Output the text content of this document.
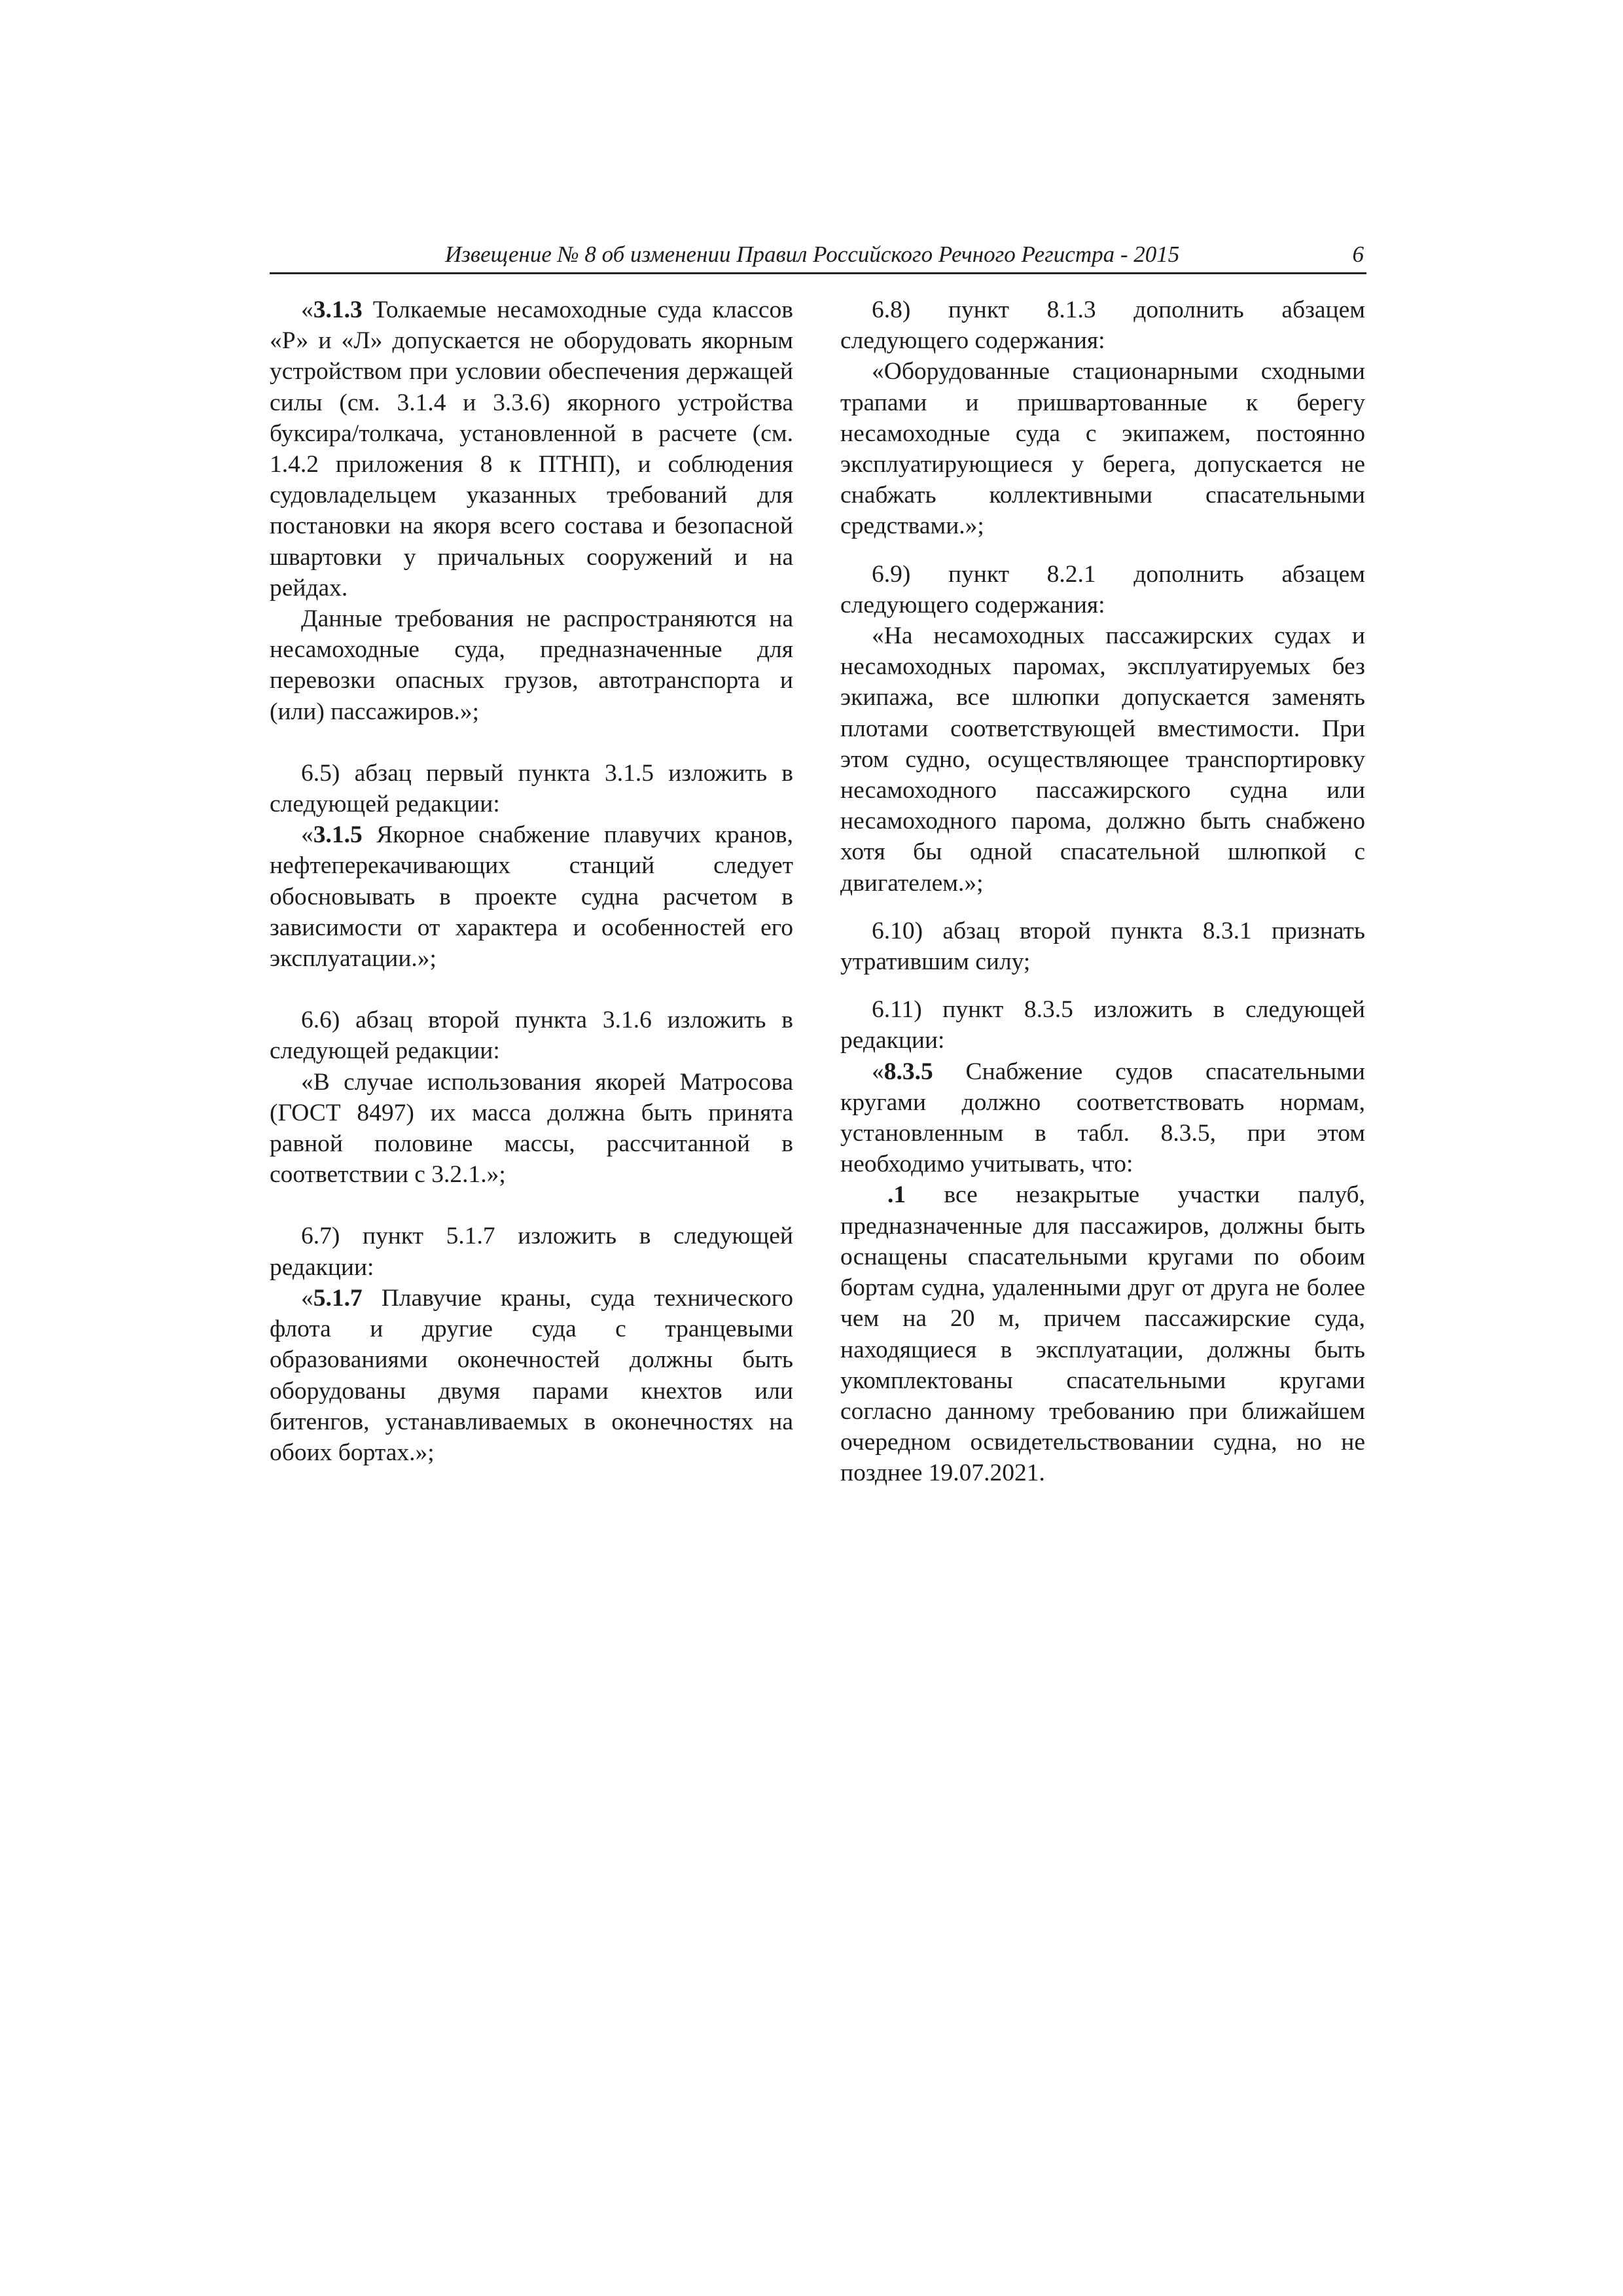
Извещение № 8 об изменении Правил Российского Речного Регистра - 2015	6

«3.1.3 Толкаемые несамоходные суда классов «Р» и «Л» допускается не оборудовать якорным устройством при условии обеспечения держащей силы (см. 3.1.4 и 3.3.6) якорного устройства буксира/толкача, установленной в расчете (см. 1.4.2 приложения 8 к ПТНП), и соблюдения судовладельцем указанных требований для постановки на якоря всего состава и безопасной швартовки у причальных сооружений и на рейдах.

Данные требования не распространяются на несамоходные суда, предназначенные для перевозки опасных грузов, автотранспорта и (или) пассажиров.»;

6.5) абзац первый пункта 3.1.5 изложить в следующей редакции:

«3.1.5 Якорное снабжение плавучих кранов, нефтеперекачивающих станций следует обосновывать в проекте судна расчетом в зависимости от характера и особенностей его эксплуатации.»;

6.6) абзац второй пункта 3.1.6 изложить в следующей редакции:

«В случае использования якорей Матросова (ГОСТ 8497) их масса должна быть принята равной половине массы, рассчитанной в соответствии с 3.2.1.»;

6.7) пункт 5.1.7 изложить в следующей редакции:

«5.1.7 Плавучие краны, суда технического флота и другие суда с транцевыми образованиями оконечностей должны быть оборудованы двумя парами кнехтов или битенгов, устанавливаемых в оконечностях на обоих бортах.»;

6.8) пункт 8.1.3 дополнить абзацем следующего содержания:

«Оборудованные стационарными сходными трапами и пришвартованные к берегу несамоходные суда с экипажем, постоянно эксплуатирующиеся у берега, допускается не снабжать коллективными спасательными средствами.»;

6.9) пункт 8.2.1 дополнить абзацем следующего содержания:

«На несамоходных пассажирских судах и несамоходных паромах, эксплуатируемых без экипажа, все шлюпки допускается заменять плотами соответствующей вместимости. При этом судно, осуществляющее транспортировку несамоходного пассажирского судна или несамоходного парома, должно быть снабжено хотя бы одной спасательной шлюпкой с двигателем.»;

6.10) абзац второй пункта 8.3.1 признать утратившим силу;

6.11) пункт 8.3.5 изложить в следующей редакции:

«8.3.5 Снабжение судов спасательными кругами должно соответствовать нормам, установленным в табл. 8.3.5, при этом необходимо учитывать, что:

.1 все незакрытые участки палуб, предназначенные для пассажиров, должны быть оснащены спасательными кругами по обоим бортам судна, удаленными друг от друга не более чем на 20 м, причем пассажирские суда, находящиеся в эксплуатации, должны быть укомплектованы спасательными кругами согласно данному требованию при ближайшем очередном освидетельствовании судна, но не позднее 19.07.2021.
